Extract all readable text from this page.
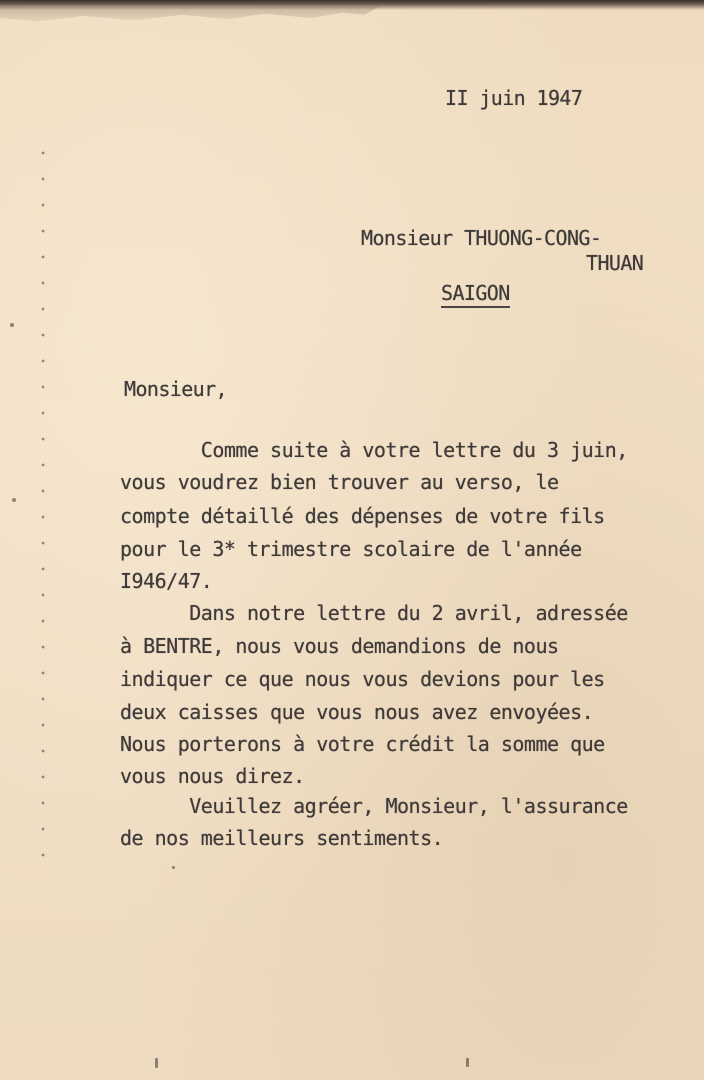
II juin 1947
Monsieur THUONG-CONG-
THUAN
SAIGON
Monsieur,
Comme suite à votre lettre du 3 juin,
vous voudrez bien trouver au verso, le
compte détaillé des dépenses de votre fils
pour le 3* trimestre scolaire de l'année
I946/47.
Dans notre lettre du 2 avril, adressée
à BENTRE, nous vous demandions de nous
indiquer ce que nous vous devions pour les
deux caisses que vous nous avez envoyées.
Nous porterons à votre crédit la somme que
vous nous direz.
Veuillez agréer, Monsieur, l'assurance
de nos meilleurs sentiments.
